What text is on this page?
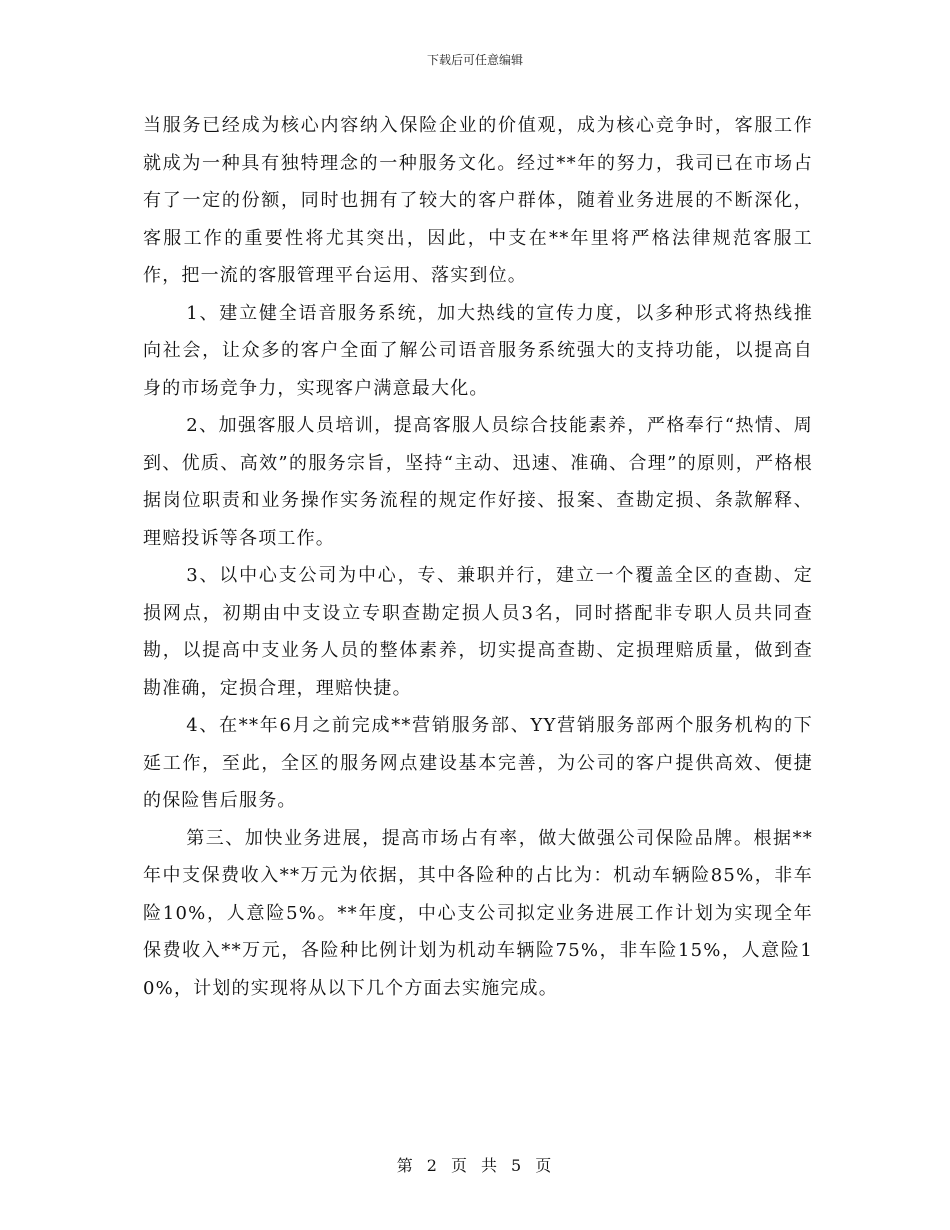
下载后可任意编辑

当服务已经成为核心内容纳入保险企业的价值观，成为核心竞争时，客服工作就成为一种具有独特理念的一种服务文化。经过**年的努力，我司已在市场占有了一定的份额，同时也拥有了较大的客户群体，随着业务进展的不断深化，客服工作的重要性将尤其突出，因此，中支在**年里将严格法律规范客服工作，把一流的客服管理平台运用、落实到位。

1、建立健全语音服务系统，加大热线的宣传力度，以多种形式将热线推向社会，让众多的客户全面了解公司语音服务系统强大的支持功能，以提高自身的市场竞争力，实现客户满意最大化。

2、加强客服人员培训，提高客服人员综合技能素养，严格奉行“热情、周到、优质、高效”的服务宗旨，坚持“主动、迅速、准确、合理”的原则，严格根据岗位职责和业务操作实务流程的规定作好接、报案、查勘定损、条款解释、理赔投诉等各项工作。

3、以中心支公司为中心，专、兼职并行，建立一个覆盖全区的查勘、定损网点，初期由中支设立专职查勘定损人员3名，同时搭配非专职人员共同查勘，以提高中支业务人员的整体素养，切实提高查勘、定损理赔质量，做到查勘准确，定损合理，理赔快捷。

4、在**年6月之前完成**营销服务部、YY营销服务部两个服务机构的下延工作，至此，全区的服务网点建设基本完善，为公司的客户提供高效、便捷的保险售后服务。

第三、加快业务进展，提高市场占有率，做大做强公司保险品牌。根据**年中支保费收入**万元为依据，其中各险种的占比为：机动车辆险85%，非车险10%，人意险5%。**年度，中心支公司拟定业务进展工作计划为实现全年保费收入**万元，各险种比例计划为机动车辆险75%，非车险15%，人意险10%，计划的实现将从以下几个方面去实施完成。

第 2 页 共 5 页
